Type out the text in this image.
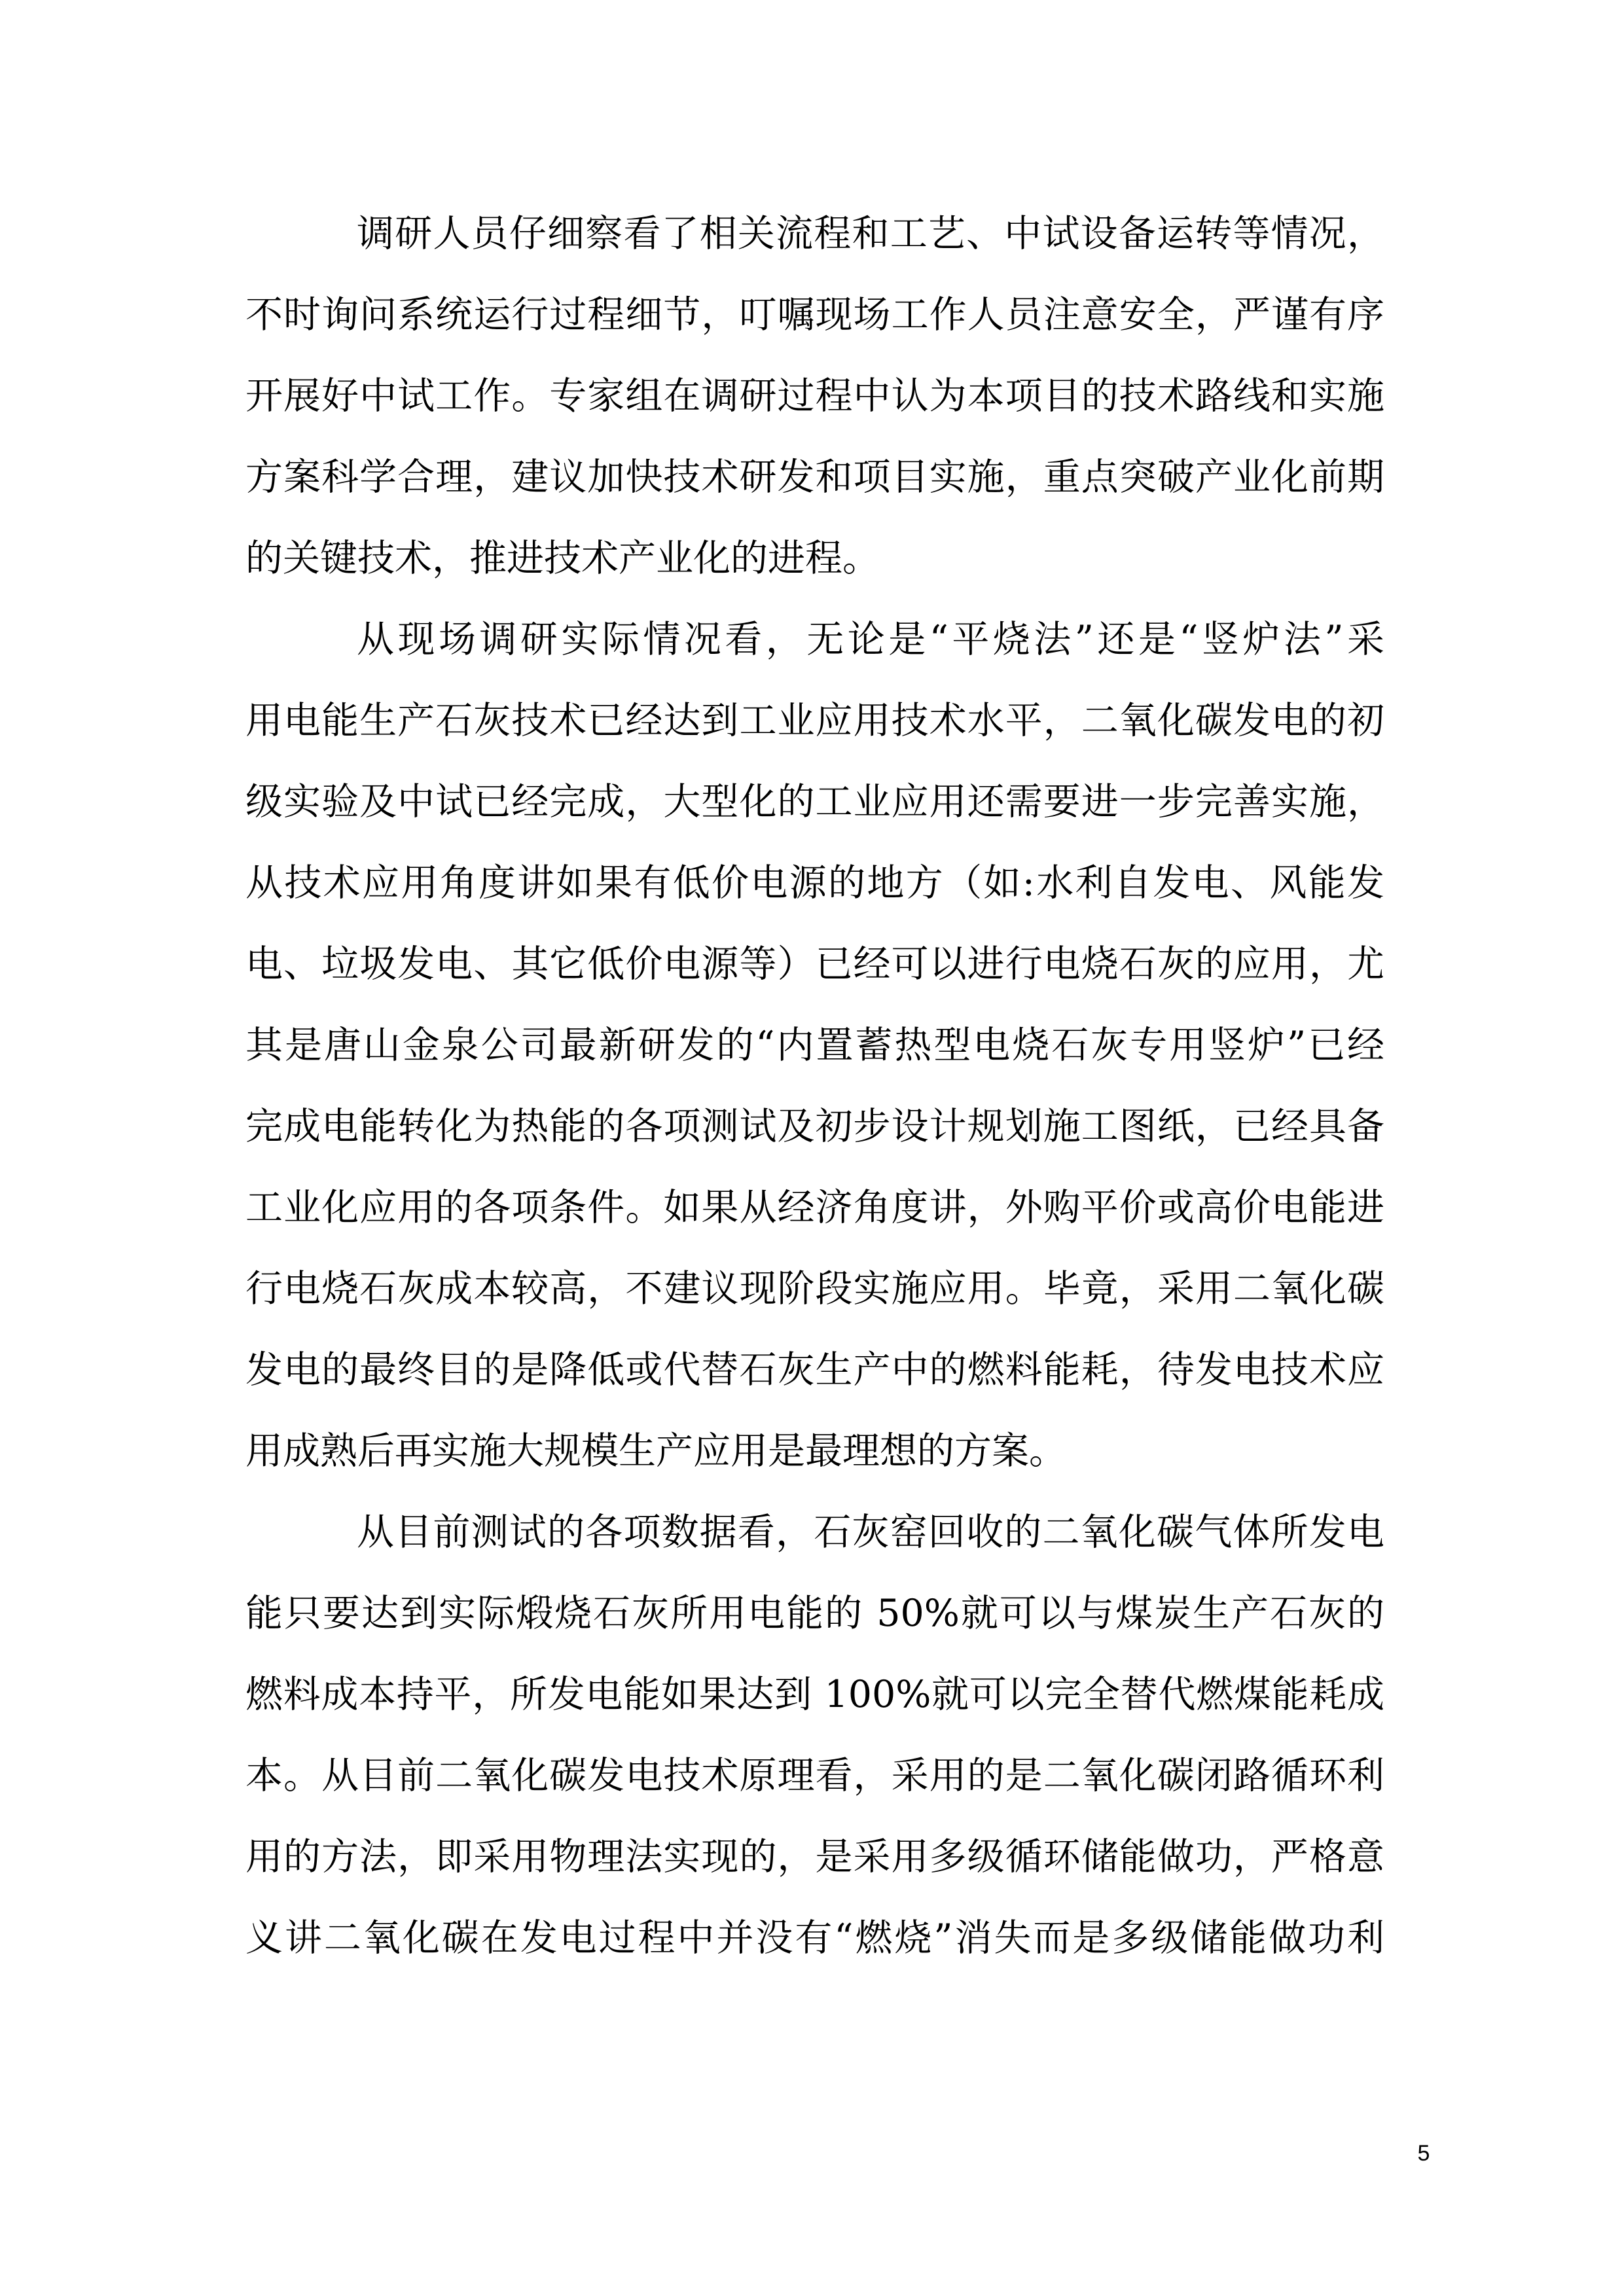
调研人员仔细察看了相关流程和工艺、中试设备运转等情况，
不时询问系统运行过程细节，叮嘱现场工作人员注意安全，严谨有序
开展好中试工作。专家组在调研过程中认为本项目的技术路线和实施
方案科学合理，建议加快技术研发和项目实施，重点突破产业化前期
的关键技术，推进技术产业化的进程。
从现场调研实际情况看，无论是“平烧法”还是“竖炉法”采
用电能生产石灰技术已经达到工业应用技术水平，二氧化碳发电的初
级实验及中试已经完成，大型化的工业应用还需要进一步完善实施，
从技术应用角度讲如果有低价电源的地方（如:水利自发电、风能发
电、垃圾发电、其它低价电源等）已经可以进行电烧石灰的应用，尤
其是唐山金泉公司最新研发的“内置蓄热型电烧石灰专用竖炉”已经
完成电能转化为热能的各项测试及初步设计规划施工图纸，已经具备
工业化应用的各项条件。如果从经济角度讲，外购平价或高价电能进
行电烧石灰成本较高，不建议现阶段实施应用。毕竟，采用二氧化碳
发电的最终目的是降低或代替石灰生产中的燃料能耗，待发电技术应
用成熟后再实施大规模生产应用是最理想的方案。
从目前测试的各项数据看，石灰窑回收的二氧化碳气体所发电
能只要达到实际煅烧石灰所用电能的 50%就可以与煤炭生产石灰的
燃料成本持平，所发电能如果达到 100%就可以完全替代燃煤能耗成
本。从目前二氧化碳发电技术原理看，采用的是二氧化碳闭路循环利
用的方法，即采用物理法实现的，是采用多级循环储能做功，严格意
义讲二氧化碳在发电过程中并没有“燃烧”消失而是多级储能做功利
5
